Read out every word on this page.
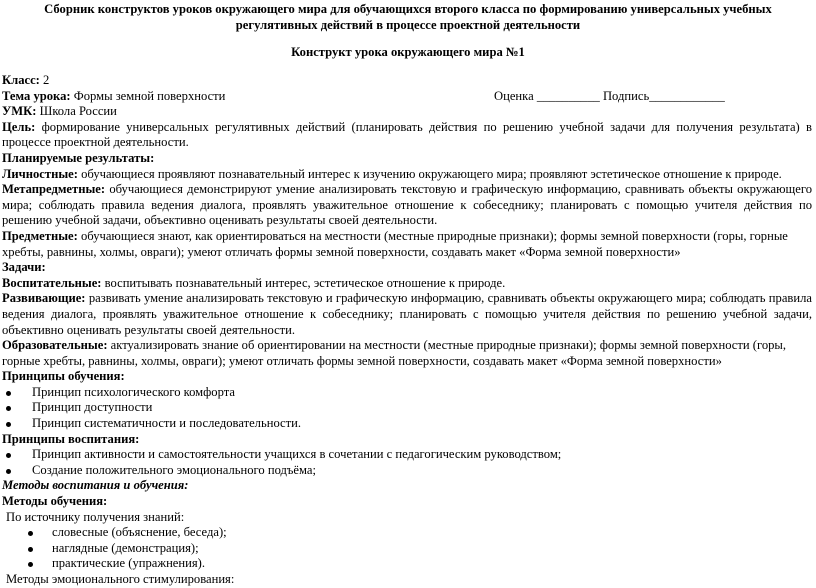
Сборник конструктов уроков окружающего мира для обучающихся второго класса по формированию универсальных учебных регулятивных действий в процессе проектной деятельности
Конструкт урока окружающего мира №1

Класс: 2

Тема урока: Формы земной поверхности	Оценка __________ Подпись____________

УМК: Школа России

Цель: формирование универсальных регулятивных действий (планировать действия по решению учебной задачи для получения результата) в процессе проектной деятельности.

Планируемые результаты:

Личностные: обучающиеся проявляют познавательный интерес к изучению окружающего мира; проявляют эстетическое отношение к природе.

Метапредметные: обучающиеся демонстрируют умение анализировать текстовую и графическую информацию, сравнивать объекты окружающего мира; соблюдать правила ведения диалога, проявлять уважительное отношение к собеседнику; планировать с помощью учителя действия по решению учебной задачи, объективно оценивать результаты своей деятельности.

Предметные: обучающиеся знают, как ориентироваться на местности (местные природные признаки); формы земной поверхности (горы, горные хребты, равнины, холмы, овраги); умеют отличать формы земной поверхности, создавать макет «Форма земной поверхности»

Задачи:

Воспитательные: воспитывать познавательный интерес, эстетическое отношение к природе.

Развивающие: развивать умение анализировать текстовую и графическую информацию, сравнивать объекты окружающего мира; соблюдать правила ведения диалога, проявлять уважительное отношение к собеседнику; планировать с помощью учителя действия по решению учебной задачи, объективно оценивать результаты своей деятельности.

Образовательные: актуализировать знание об ориентировании на местности (местные природные признаки); формы земной поверхности (горы, горные хребты, равнины, холмы, овраги); умеют отличать формы земной поверхности, создавать макет «Форма земной поверхности»

Принципы обучения:

Принцип психологического комфорта
Принцип доступности
Принцип систематичности и последовательности.

Принципы воспитания:

Принцип активности и самостоятельности учащихся в сочетании с педагогическим руководством;
Создание положительного эмоционального подъёма;

Методы воспитания и обучения:

Методы обучения:

По источнику получения знаний:

словесные (объяснение, беседа);
наглядные (демонстрация);
практические (упражнения).

Методы эмоционального стимулирования:
